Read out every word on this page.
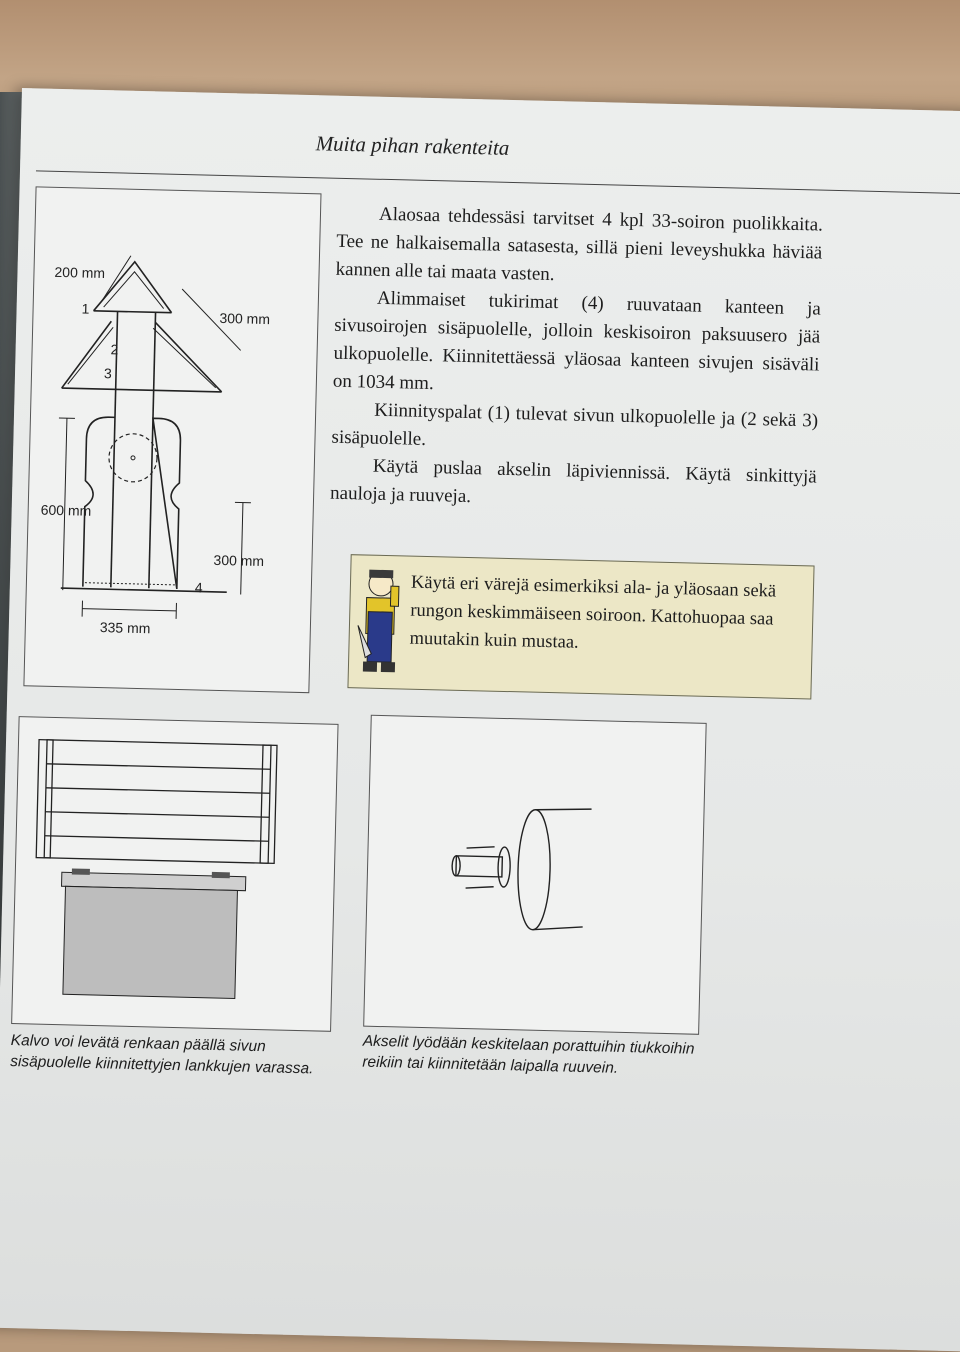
Muita pihan rakenteita
200 mm
300 mm
600 mm
300 mm
335 mm
1
2
3
4

Alaosaa tehdessäsi tarvitset 4 kpl 33-soiron puolikkaita. Tee ne halkaisemalla satasesta, sillä pieni leveyshukka häviää kannen alle tai maata vasten.

Alimmaiset tukirimat (4) ruuvataan kanteen ja sivusoirojen sisäpuolelle, jolloin keskisoiron paksuusero jää ulkopuolelle. Kiinnitettäessä yläosaa kanteen sivujen sisäväli on 1034 mm.

Kiinnityspalat (1) tulevat sivun ulkopuolelle ja (2 sekä 3) sisäpuolelle.

Käytä puslaa akselin läpiviennissä. Käytä sinkittyjä nauloja ja ruuveja.

Käytä eri värejä esimerkiksi ala- ja yläosaan sekä rungon keskimmäiseen soiroon. Kattohuopaa saa muutakin kuin mustaa.
Kalvo voi levätä renkaan päällä sivun sisäpuolelle kiinnitettyjen lankkujen varassa.
Akselit lyödään keskitelaan porattuihin tiukkoihin reikiin tai kiinnitetään laipalla ruuvein.
